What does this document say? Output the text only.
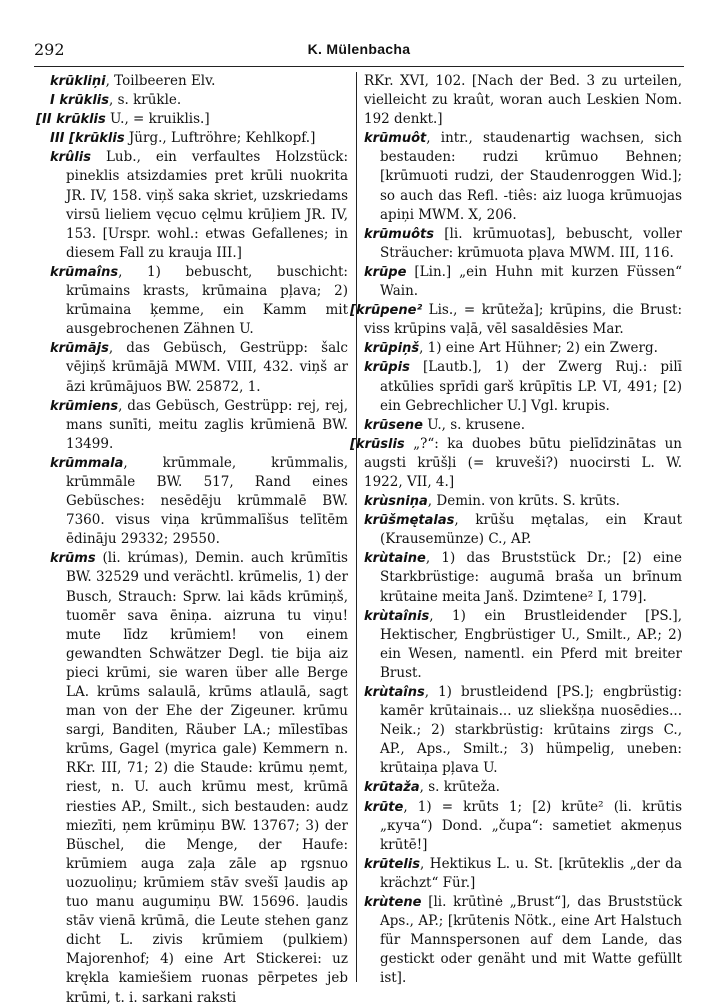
292	K. Mülenbacha

krūkliņi, Toilbeeren Elv.

I krūklis, s. krūkle.

[II krūklis U., = kruiklis.]

III [krūklis Jürg., Luftröhre; Kehlkopf.]

krûlis Lub., ein verfaultes Holzstück: pineklis atsizdamies pret krūli nuokrita JR. IV, 158. viņš saka skriet, uzskriedams virsū lieliem vęcuo cęlmu krūļiem JR. IV, 153. [Urspr. wohl.: etwas Gefallenes; in diesem Fall zu krauja III.]

krūmaîns, 1) bebuscht, buschicht: krūmains krasts, krūmaina pļava; 2) krūmaina ķemme, ein Kamm mit ausgebrochenen Zähnen U.

krūmājs, das Gebüsch, Gestrüpp: šalc vējiņš krūmājā MWM. VIII, 432. viņš ar āzi krūmājuos BW. 25872, 1.

krūmiens, das Gebüsch, Gestrüpp: rej, rej, mans sunīti, meitu zaglis krūmienā BW. 13499.

krūmmala, krūmmale, krūmmalis, krūmmāle BW. 517, Rand eines Gebüsches: nesēdēju krūmmalē BW. 7360. visus viņa krūmmalīšus telītēm ēdināju 29332; 29550.

krūms (li. krúmas), Demin. auch krūmītis BW. 32529 und verächtl. krūmelis, 1) der Busch, Strauch: Sprw. lai kāds krūmiņš, tuomēr sava ēniņa. aizruna tu viņu! mute līdz krūmiem! von einem gewandten Schwätzer Degl. tie bija aiz pieci krūmi, sie waren über alle Berge LA. krūms salaulā, krūms atlaulā, sagt man von der Ehe der Zigeuner. krūmu sargi, Banditen, Räuber LA.; mīlestības krūms, Gagel (myrica gale) Kemmern n. RKr. III, 71; 2) die Staude: krūmu ņemt, riest, n. U. auch krūmu mest, krūmā riesties AP., Smilt., sich bestauden: audz miezīti, ņem krūmiņu BW. 13767; 3) der Büschel, die Menge, der Haufe: krūmiem auga zaļa zāle ap rgsnuo uozuoliņu; krūmiem stāv svešī ļaudis ap tuo manu augumiņu BW. 15696. ļaudis stāv vienā krūmā, die Leute stehen ganz dicht L. zivis krūmiem (pulkiem) Majorenhof; 4) eine Art Stickerei: uz krękla kamiešiem ruonas pērpetes jeb krūmi, t. i. sarkani raksti

RKr. XVI, 102. [Nach der Bed. 3 zu urteilen, vielleicht zu kraût, woran auch Leskien Nom. 192 denkt.]

krūmuôt, intr., staudenartig wachsen, sich bestauden: rudzi krūmuo Behnen; [krūmuoti rudzi, der Staudenroggen Wid.]; so auch das Refl. -tiês: aiz luoga krūmuojas apiņi MWM. X, 206.

krūmuôts [li. krūmuotas], bebuscht, voller Sträucher: krūmuota pļava MWM. III, 116.

krūpe [Lin.] „ein Huhn mit kurzen Füssen“ Wain.

[krūpene² Lis., = krūteža]; krūpins, die Brust: viss krūpins vaļā, vēl sasaldēsies Mar.

krūpiņš, 1) eine Art Hühner; 2) ein Zwerg.

krūpis [Lautb.], 1) der Zwerg Ruj.: pilī atkūlies sprīdi garš krūpītis LP. VI, 491; [2) ein Gebrechlicher U.] Vgl. krupis.

krūsene U., s. krusene.

[krūslis „?“: ka duobes būtu pielīdzinātas un augsti krūšļi (= kruveši?) nuocirsti L. W. 1922, VII, 4.]

krùsniņa, Demin. von krūts. S. krūts.

krūšmętalas, krūšu mętalas, ein Kraut (Krausemünze) C., AP.

krùtaine, 1) das Bruststück Dr.; [2) eine Starkbrüstige: augumā braša un brīnum krūtaine meita Janš. Dzimtene² I, 179].

krùtaînis, 1) ein Brustleidender [PS.], Hektischer, Engbrüstiger U., Smilt., AP.; 2) ein Wesen, namentl. ein Pferd mit breiter Brust.

krùtaîns, 1) brustleidend [PS.]; engbrüstig: kamēr krūtainais... uz sliekšņa nuosēdies... Neik.; 2) starkbrüstig: krūtains zirgs C., AP., Aps., Smilt.; 3) hümpelig, uneben: krūtaiņa pļava U.

krūtaža, s. krūteža.

krūte, 1) = krūts 1; [2) krūte² (li. krūtis „куча“) Dond. „čupa“: sametiet akmeņus krūtē!]

krūtelis, Hektikus L. u. St. [krūteklis „der da krächzt“ Für.]

krùtene [li. krūtìnė „Brust“], das Bruststück Aps., AP.; [krūtenis Nötk., eine Art Halstuch für Mannspersonen auf dem Lande, das gestickt oder genäht und mit Watte gefüllt ist].
